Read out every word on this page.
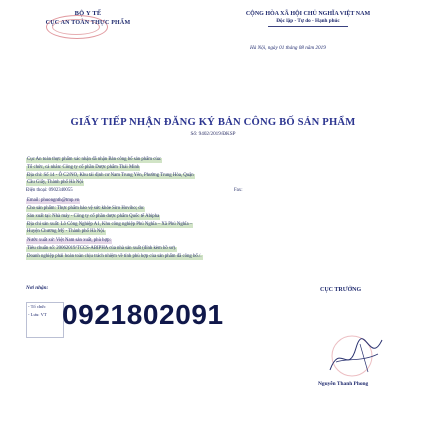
BỘ Y TẾ
CỤC AN TOÀN THỰC PHẨM
CỘNG HÒA XÃ HỘI CHỦ NGHĨA VIỆT NAM
Độc lập - Tự do - Hạnh phúc
Hà Nội, ngày 01 tháng 08 năm 2019
GIẤY TIẾP NHẬN ĐĂNG KÝ BẢN CÔNG BỐ SẢN PHẨM
Số: 9402/2019/ĐKSP
Cục An toàn thực phẩm xác nhận đã nhận Bản công bố sản phẩm của:
Tổ chức, cá nhân: Công ty cổ phần Dược phẩm Thái Minh
Địa chỉ: Số 14 - Ô C2/NO, Khu tái định cư Nam Trung Yên, Phường Trung Hòa, Quận
Cầu Giấy, Thành phố Hà Nội
Điện thoại: 0902340055	Fax:
Email: phuongnth@tmp.vn
Cho sản phẩm: Thực phẩm bảo vệ sức khỏe Siro Hoviho; do:
Sản xuất tại: Nhà máy - Công ty cổ phần dược phẩm Quốc tế Abipha
Địa chỉ sản xuất: Lô Công Nghiệp A1, Khu công nghiệp Phú Nghĩa – Xã Phú Nghĩa –
Huyện Chương Mỹ - Thành phố Hà Nội.
Nước xuất xứ: Việt Nam sản xuất, phù hợp:
Tiêu chuẩn số: 20062019/TCCS-ABIPHA của nhà sản xuất (đính kèm hồ sơ).
Doanh nghiệp phải hoàn toàn chịu trách nhiệm về tính phù hợp của sản phẩm đã công bố./.
Nơi nhận:
- Tổ chức
- Lưu: VT 0921802091
CỤC TRƯỞNG
Nguyễn Thanh Phong
